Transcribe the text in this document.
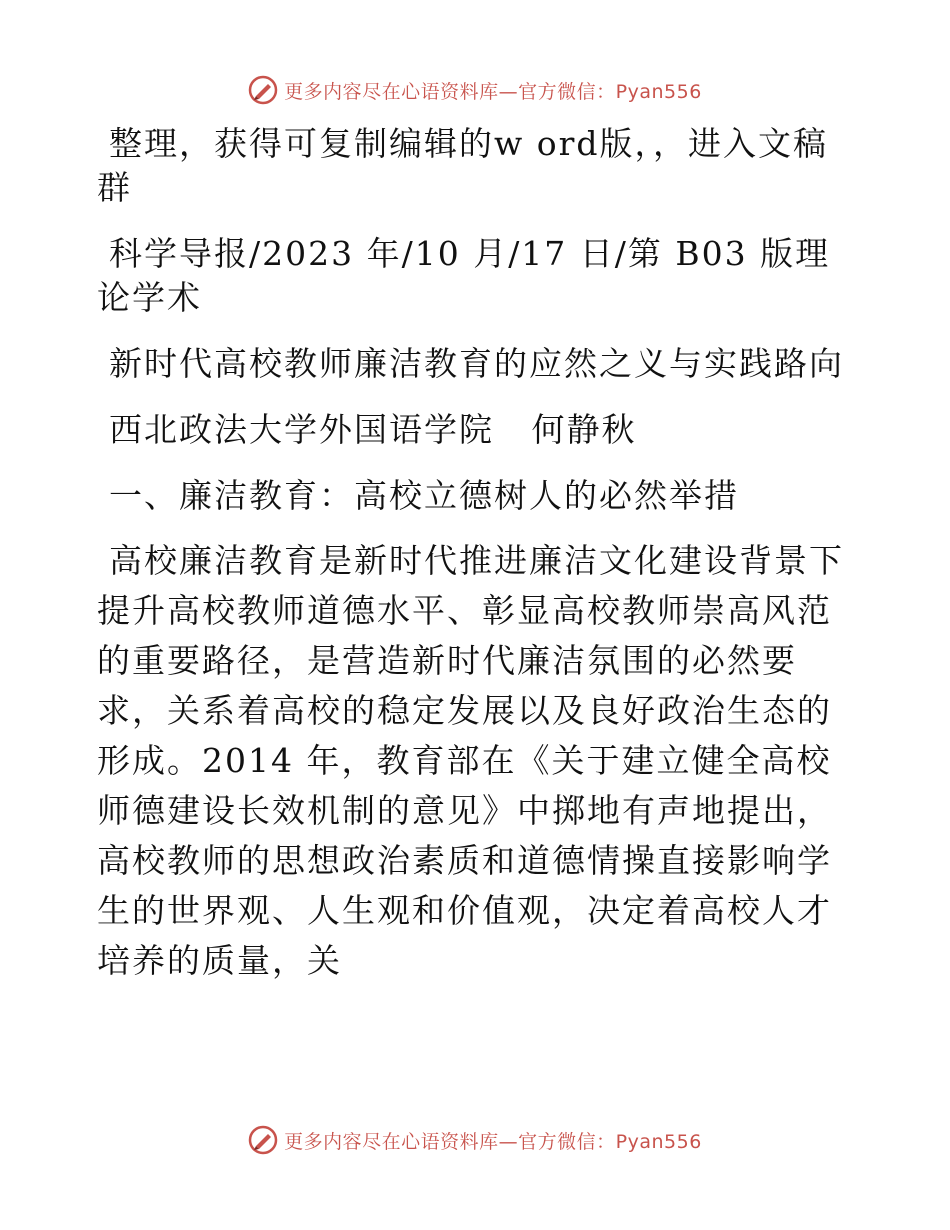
更多内容尽在心语资料库—官方微信：Pyan556

整理，获得可复制编辑的w ord版，，进入文稿群

科学导报/2023 年/10 月/17 日/第 B03 版理论学术

新时代高校教师廉洁教育的应然之义与实践路向

西北政法大学外国语学院   何静秋

一、廉洁教育：高校立德树人的必然举措

高校廉洁教育是新时代推进廉洁文化建设背景下提升高校教师道德水平、彰显高校教师崇高风范的重要路径，是营造新时代廉洁氛围的必然要求，关系着高校的稳定发展以及良好政治生态的形成。2014 年，教育部在《关于建立健全高校师德建设长效机制的意见》中掷地有声地提出，高校教师的思想政治素质和道德情操直接影响学生的世界观、人生观和价值观，决定着高校人才培养的质量，关

更多内容尽在心语资料库—官方微信：Pyan556
